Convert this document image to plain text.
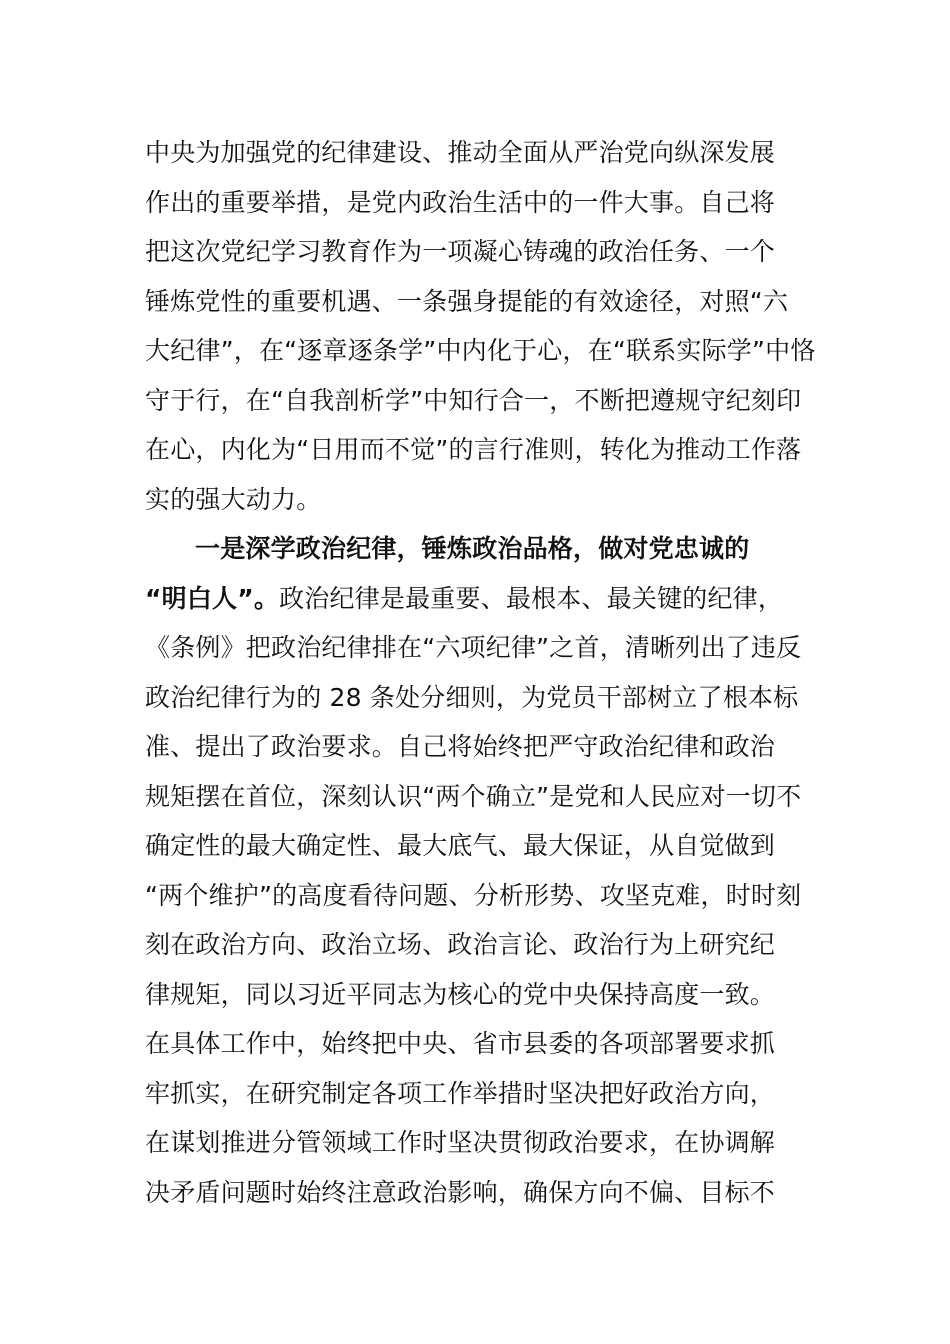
中央为加强党的纪律建设、推动全面从严治党向纵深发展
作出的重要举措，是党内政治生活中的一件大事。自己将
把这次党纪学习教育作为一项凝心铸魂的政治任务、一个
锤炼党性的重要机遇、一条强身提能的有效途径，对照“六
大纪律”，在“逐章逐条学”中内化于心，在“联系实际学”中恪
守于行，在“自我剖析学”中知行合一，不断把遵规守纪刻印
在心，内化为“日用而不觉”的言行准则，转化为推动工作落
实的强大动力。
一是深学政治纪律，锤炼政治品格，做对党忠诚的
“明白人”。政治纪律是最重要、最根本、最关键的纪律，
《条例》把政治纪律排在“六项纪律”之首，清晰列出了违反
政治纪律行为的 28 条处分细则，为党员干部树立了根本标
准、提出了政治要求。自己将始终把严守政治纪律和政治
规矩摆在首位，深刻认识“两个确立”是党和人民应对一切不
确定性的最大确定性、最大底气、最大保证，从自觉做到
“两个维护”的高度看待问题、分析形势、攻坚克难，时时刻
刻在政治方向、政治立场、政治言论、政治行为上研究纪
律规矩，同以习近平同志为核心的党中央保持高度一致。
在具体工作中，始终把中央、省市县委的各项部署要求抓
牢抓实，在研究制定各项工作举措时坚决把好政治方向，
在谋划推进分管领域工作时坚决贯彻政治要求，在协调解
决矛盾问题时始终注意政治影响，确保方向不偏、目标不
